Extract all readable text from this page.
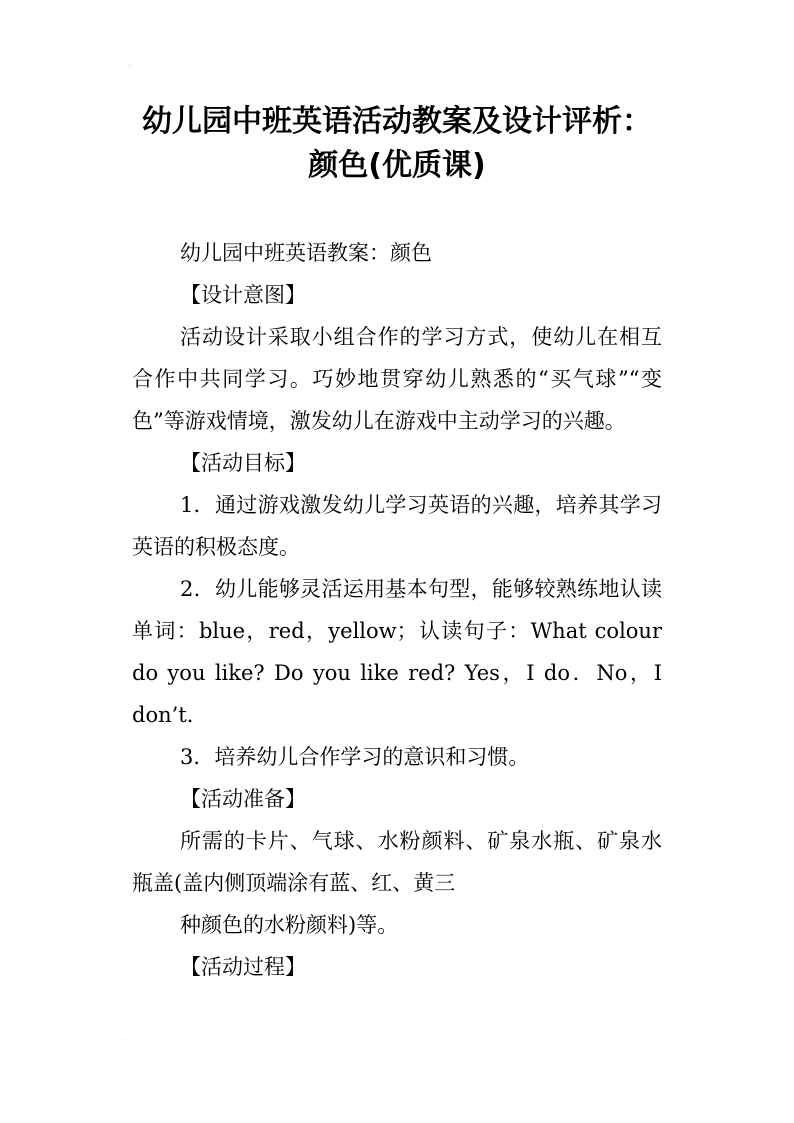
·
幼儿园中班英语活动教案及设计评析：
颜色(优质课)

幼儿园中班英语教案：颜色

【设计意图】

活动设计采取小组合作的学习方式，使幼儿在相互合作中共同学习。巧妙地贯穿幼儿熟悉的“买气球”“变色”等游戏情境，激发幼儿在游戏中主动学习的兴趣。

【活动目标】

1．通过游戏激发幼儿学习英语的兴趣，培养其学习英语的积极态度。

2．幼儿能够灵活运用基本句型，能够较熟练地认读单词：blue，red，yellow；认读句子：What colour do you like? Do you like red? Yes，I do．No，I don’t．

3．培养幼儿合作学习的意识和习惯。

【活动准备】

所需的卡片、气球、水粉颜料、矿泉水瓶、矿泉水瓶盖(盖内侧顶端涂有蓝、红、黄三

种颜色的水粉颜料)等。

【活动过程】

·
